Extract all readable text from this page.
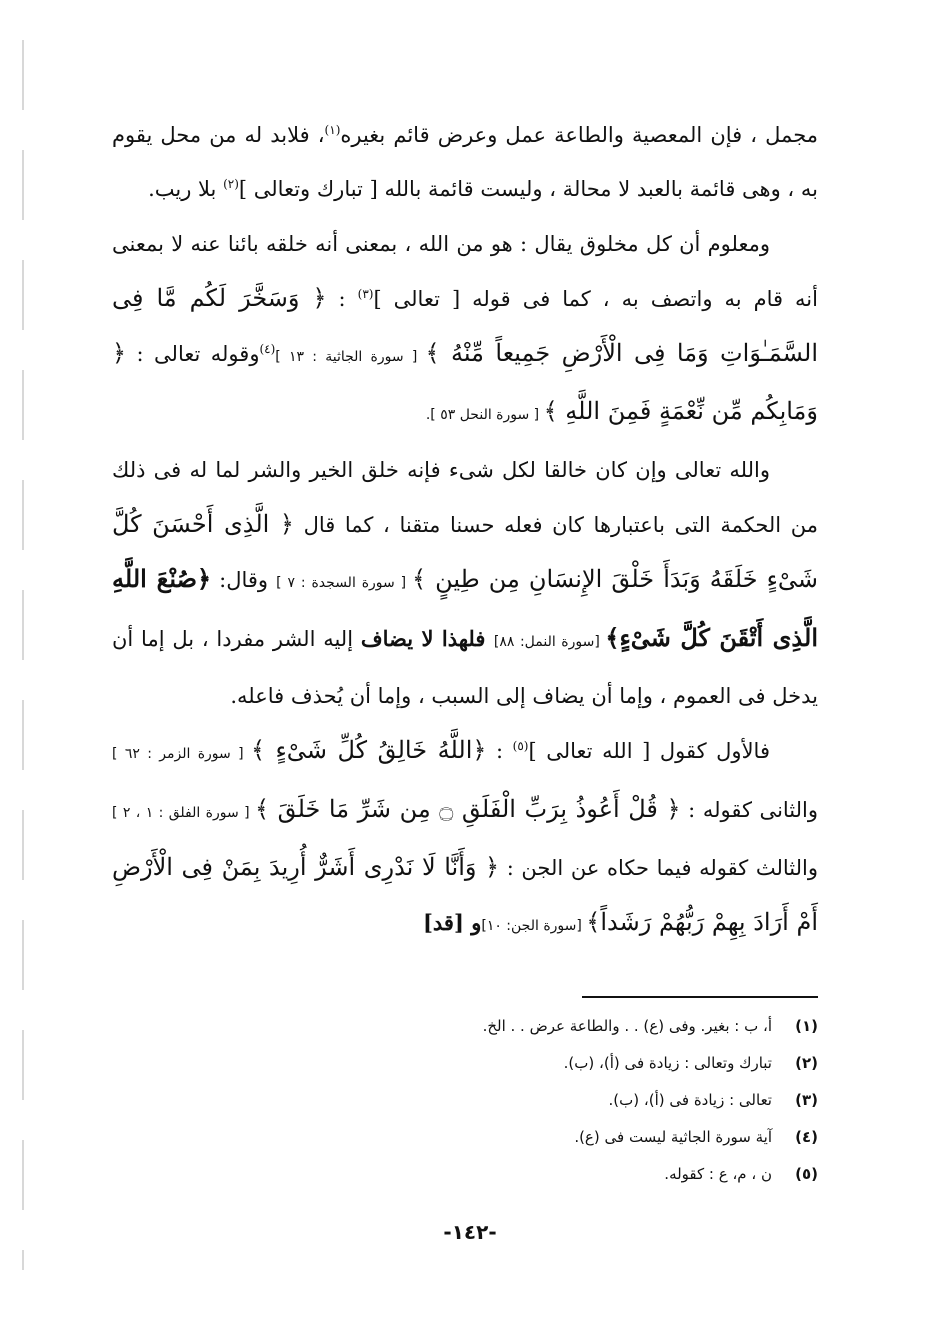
مجمل ، فإن المعصية والطاعة عمل وعرض قائم بغيره$^{(١)}$، فلابد له من محل يقوم به ، وهى قائمة بالعبد لا محالة ، وليست قائمة بالله [ تبارك وتعالى ]$^{(٢)}$ بلا ريب.

ومعلوم أن كل مخلوق يقال : هو من الله ، بمعنى أنه خلقه بائنا عنه لا بمعنى أنه قام به واتصف به ، كما فى قوله [ تعالى ]$^{(٣)}$ : ﴿ وَسَخَّرَ لَكُم مَّا فِى السَّمَـٰوَاتِ وَمَا فِى الْأَرْضِ جَمِيعاً مِّنْهُ ﴾ [ سورة الجاثية : ١٣ ]$^{(٤)}$وقوله تعالى : ﴿ وَمَابِكُم مِّن نِّعْمَةٍ فَمِنَ اللَّهِ ﴾ [ سورة النحل ٥٣ ].

والله تعالى وإن كان خالقا لكل شىء فإنه خلق الخير والشر لما له فى ذلك من الحكمة التى باعتبارها كان فعله حسنا متقنا ، كما قال ﴿ الَّذِى أَحْسَنَ كُلَّ شَىْءٍ خَلَقَهُ وَبَدَأَ خَلْقَ الإِنسَانِ مِن طِينٍ ﴾ [ سورة السجدة : ٧ ] وقال: ﴿صُنْعَ اللَّهِ الَّذِى أَتْقَنَ كُلَّ شَىْءٍ﴾ [سورة النمل: ٨٨] فلهذا لا يضاف إليه الشر مفردا ، بل إما أن يدخل فى العموم ، وإما أن يضاف إلى السبب ، وإما أن يُحذف فاعله.

فالأول كقول [ الله تعالى ]$^{(٥)}$ : ﴿اللَّهُ خَالِقُ كُلِّ شَىْءٍ ﴾ [ سورة الزمر : ٦٢ ] والثانى كقوله : ﴿ قُلْ أَعُوذُ بِرَبِّ الْفَلَقِ ۝ مِن شَرِّ مَا خَلَقَ ﴾ [ سورة الفلق : ١ ، ٢ ] والثالث كقوله فيما حكاه عن الجن : ﴿ وَأَنَّا لَا نَدْرِى أَشَرٌّ أُرِيدَ بِمَنْ فِى الْأَرْضِ أَمْ أَرَادَ بِهِمْ رَبُّهُمْ رَشَداً﴾ [سورة الجن: ١٠]و [قد]

(١)
أ، ب : بغير. وفى (ع) . . والطاعة عرض . . الخ.
(٢)
تبارك وتعالى : زيادة فى (أ)، (ب).
(٣)
تعالى : زيادة فى (أ)، (ب).
(٤)
آية سورة الجاثية ليست فى (ع).
(٥)
ن ، م، ع : كقوله.
-١٤٢-
